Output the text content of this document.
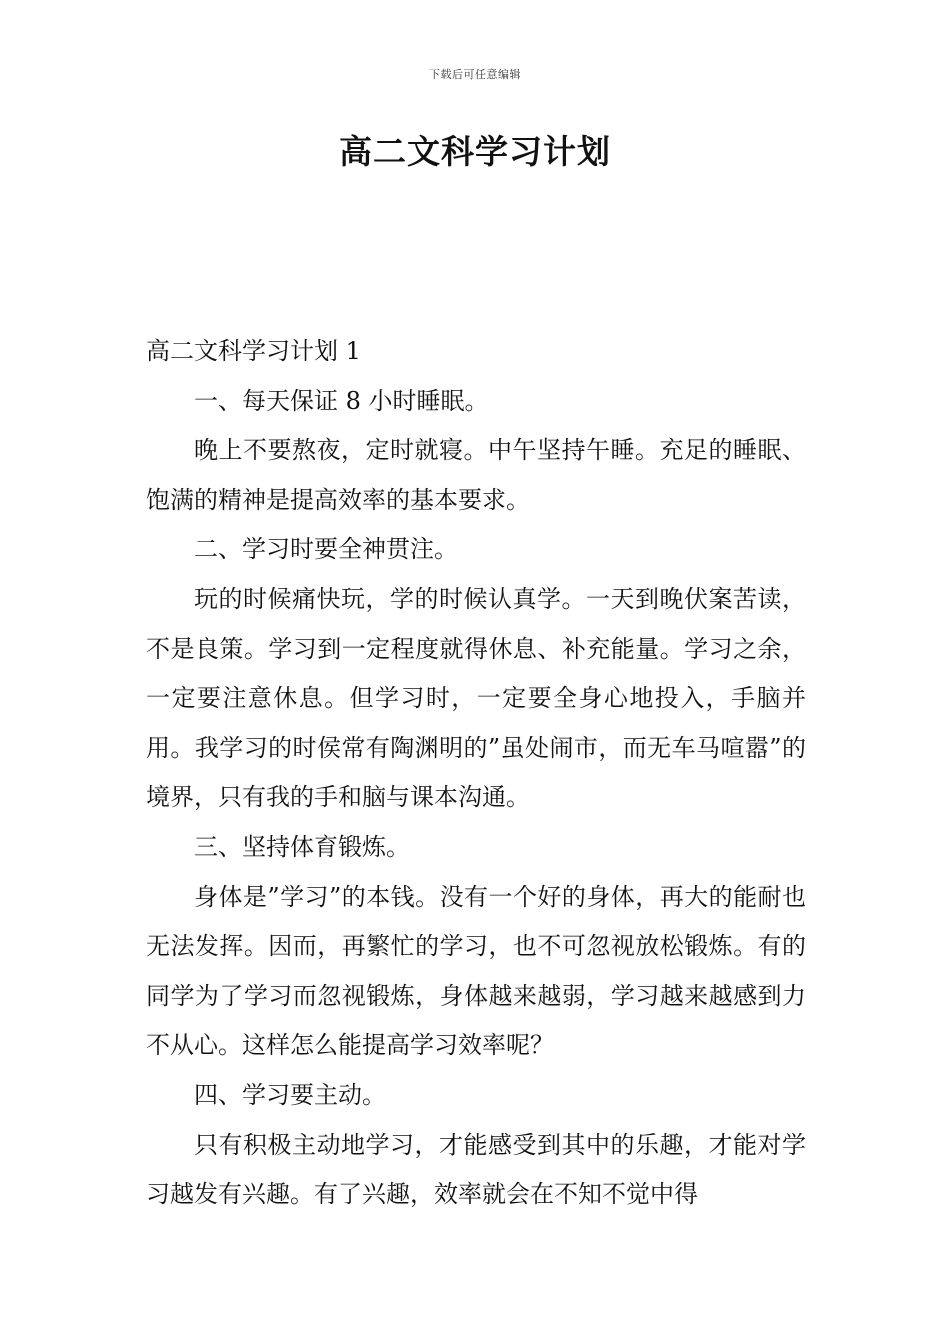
下载后可任意编辑
高二文科学习计划

高二文科学习计划 1

一、每天保证 8 小时睡眠。

晚上不要熬夜，定时就寝。中午坚持午睡。充足的睡眠、饱满的精神是提高效率的基本要求。

二、学习时要全神贯注。

玩的时候痛快玩，学的时候认真学。一天到晚伏案苦读，不是良策。学习到一定程度就得休息、补充能量。学习之余，一定要注意休息。但学习时，一定要全身心地投入，手脑并用。我学习的时侯常有陶渊明的”虽处闹市，而无车马喧嚣”的境界，只有我的手和脑与课本沟通。

三、坚持体育锻炼。

身体是”学习”的本钱。没有一个好的身体，再大的能耐也无法发挥。因而，再繁忙的学习，也不可忽视放松锻炼。有的同学为了学习而忽视锻炼，身体越来越弱，学习越来越感到力不从心。这样怎么能提高学习效率呢？

四、学习要主动。

只有积极主动地学习，才能感受到其中的乐趣，才能对学习越发有兴趣。有了兴趣，效率就会在不知不觉中得
